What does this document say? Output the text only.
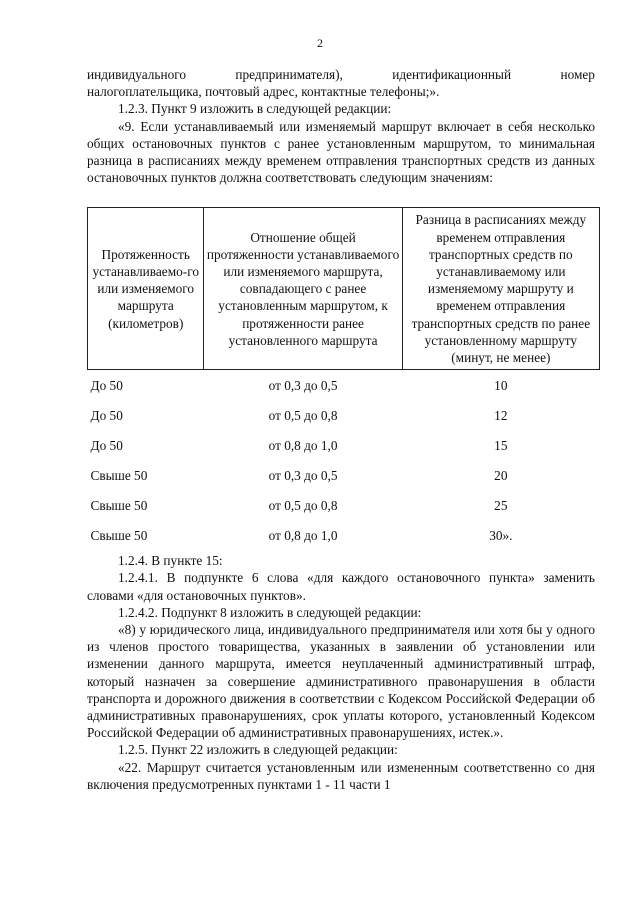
2
индивидуального	предпринимателя),	идентификационный	номер

налогоплательщика, почтовый адрес, контактные телефоны;».

1.2.3. Пункт 9 изложить в следующей редакции:

«9. Если устанавливаемый или изменяемый маршрут включает в себя несколько общих остановочных пунктов с ранее установленным маршрутом, то минимальная разница в расписаниях между временем отправления транспортных средств из данных остановочных пунктов должна соответствовать следующим значениям:

Протяженность устанавливаемо-го или изменяемого маршрута (километров)	Отношение общей протяженности устанавливаемого или изменяемого маршрута, совпадающего с ранее установленным маршрутом, к протяженности ранее установленного маршрута	Разница в расписаниях между временем отправления транспортных средств по устанавливаемому или изменяемому маршруту и временем отправления транспортных средств по ранее установленному маршруту (минут, не менее)
До 50	от 0,3 до 0,5	10
До 50	от 0,5 до 0,8	12
До 50	от 0,8 до 1,0	15
Свыше 50	от 0,3 до 0,5	20
Свыше 50	от 0,5 до 0,8	25
Свыше 50	от 0,8 до 1,0	30».

1.2.4. В пункте 15:

1.2.4.1. В подпункте 6 слова «для каждого остановочного пункта» заменить словами «для остановочных пунктов».

1.2.4.2. Подпункт 8 изложить в следующей редакции:

«8) у юридического лица, индивидуального предпринимателя или хотя бы у одного из членов простого товарищества, указанных в заявлении об установлении или изменении данного маршрута, имеется неуплаченный административный штраф, который назначен за совершение административного правонарушения в области транспорта и дорожного движения в соответствии с Кодексом Российской Федерации об административных правонарушениях, срок уплаты которого, установленный Кодексом Российской Федерации об административных правонарушениях, истек.».

1.2.5. Пункт 22 изложить в следующей редакции:

«22. Маршрут считается установленным или измененным соответственно со дня включения предусмотренных пунктами 1 - 11 части 1
